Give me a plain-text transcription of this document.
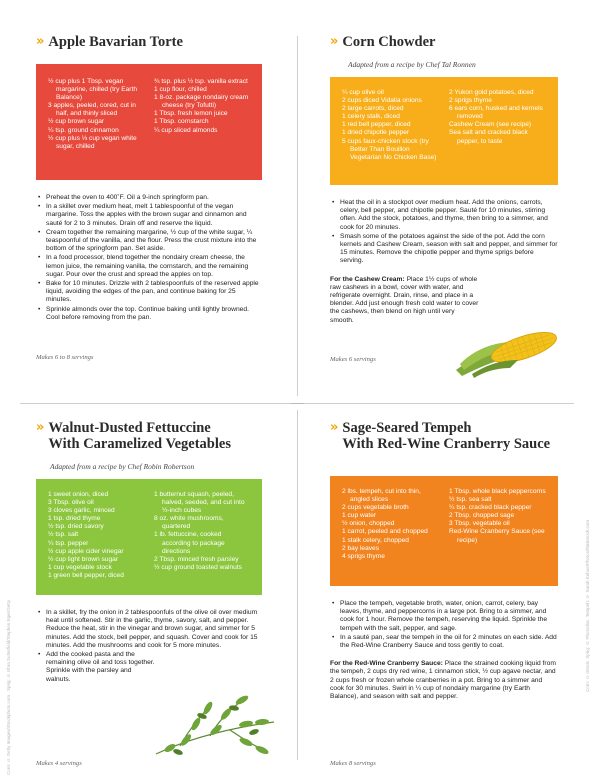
» Apple Bavarian Torte
½ cup plus 1 Tbsp. vegan margarine, chilled (try Earth Balance)
3 apples, peeled, cored, cut in half, and thinly sliced
½ cup brown sugar
¼ tsp. ground cinnamon
½ cup plus ⅓ cup vegan white sugar, chilled
¾ tsp. plus ½ tsp. vanilla extract
1 cup flour, chilled
1 8-oz. package nondairy cream cheese (try Tofutti)
1 Tbsp. fresh lemon juice
1 Tbsp. cornstarch
¼ cup sliced almonds
• Preheat the oven to 400˚F. Oil a 9-inch springform pan.
• In a skillet over medium heat, melt 1 tablespoonful of the vegan margarine. Toss the apples with the brown sugar and cinnamon and sauté for 2 to 3 minutes. Drain off and reserve the liquid.
• Cream together the remaining margarine, ½ cup of the white sugar, ¼ teaspoonful of the vanilla, and the flour. Press the crust mixture into the bottom of the springform pan. Set aside.
• In a food processor, blend together the nondairy cream cheese, the lemon juice, the remaining vanilla, the cornstarch, and the remaining sugar. Pour over the crust and spread the apples on top.
• Bake for 10 minutes. Drizzle with 2 tablespoonfuls of the reserved apple liquid, avoiding the edges of the pan, and continue baking for 25 minutes.
• Sprinkle almonds over the top. Continue baking until lightly browned. Cool before removing from the pan.
Makes 6 to 8 servings
» Corn Chowder
Adapted from a recipe by Chef Tal Ronnen
¼ cup olive oil
2 cups diced Vidalia onions
2 large carrots, diced
1 celery stalk, diced
1 red bell pepper, diced
1 dried chipotle pepper
5 cups faux-chicken stock (try Better Than Bouillon Vegetarian No Chicken Base)
2 Yukon gold potatoes, diced
2 sprigs thyme
6 ears corn, husked and kernels removed
Cashew Cream (see recipe)
Sea salt and cracked black pepper, to taste
• Heat the oil in a stockpot over medium heat. Add the onions, carrots, celery, bell pepper, and chipotle pepper. Sauté for 10 minutes, stirring often. Add the stock, potatoes, and thyme, then bring to a simmer, and cook for 20 minutes.
• Smash some of the potatoes against the side of the pot. Add the corn kernels and Cashew Cream, season with salt and pepper, and simmer for 15 minutes. Remove the chipotle pepper and thyme sprigs before serving.
For the Cashew Cream: Place 1½ cups of whole raw cashews in a bowl, cover with water, and refrigerate overnight. Drain, rinse, and place in a blender. Add just enough fresh cold water to cover the cashews, then blend on high until very smooth.
Makes 6 servings
» Walnut-Dusted Fettuccine
With Caramelized Vegetables
Adapted from a recipe by Chef Robin Robertson
1 sweet onion, diced
3 Tbsp. olive oil
3 cloves garlic, minced
1 tsp. dried thyme
½ tsp. dried savory
½ tsp. salt
¼ tsp. pepper
½ cup apple cider vinegar
½ cup light brown sugar
1 cup vegetable stock
1 green bell pepper, diced
1 butternut squash, peeled, halved, seeded, and cut into ½-inch cubes
8 oz. white mushrooms, quartered
1 lb. fettuccine, cooked according to package directions
2 Tbsp. minced fresh parsley
½ cup ground toasted walnuts
• In a skillet, fry the onion in 2 tablespoonfuls of the olive oil over medium heat until softened. Stir in the garlic, thyme, savory, salt, and pepper. Reduce the heat, stir in the vinegar and brown sugar, and simmer for 5 minutes. Add the stock, bell pepper, and squash. Cover and cook for 15 minutes. Add the mushrooms and cook for 5 more minutes.
• Add the cooked pasta and the remaining olive oil and toss together. Sprinkle with the parsley and walnuts.
Makes 4 servings
» Sage-Seared Tempeh
With Red-Wine Cranberry Sauce
2 lbs. tempeh, cut into thin, angled slices
2 cups vegetable broth
1 cup water
½ onion, chopped
1 carrot, peeled and chopped
1 stalk celery, chopped
2 bay leaves
4 sprigs thyme
1 Tbsp. whole black peppercorns
½ tsp. sea salt
¼ tsp. cracked black pepper
2 Tbsp. chopped sage
3 Tbsp. vegetable oil
Red-Wine Cranberry Sauce (see recipe)
• Place the tempeh, vegetable broth, water, onion, carrot, celery, bay leaves, thyme, and peppercorns in a large pot. Bring to a simmer, and cook for 1 hour. Remove the tempeh, reserving the liquid. Sprinkle the tempeh with the salt, pepper, and sage.
• In a sauté pan, sear the tempeh in the oil for 2 minutes on each side. Add the Red-Wine Cranberry Sauce and toss gently to coat.
For the Red-Wine Cranberry Sauce: Place the strained cooking liquid from the tempeh, 2 cups dry red wine, 1 cinnamon stick, ½ cup agave nectar, and 2 cups fresh or frozen whole cranberries in a pot. Bring to a simmer and cook for 30 minutes. Swirl in ¼ cup of nondairy margarine (try Earth Balance), and season with salt and pepper.
Makes 8 servings
Corn: © iStock. Sprig: © Photodisc. Tempeh: © Sarah Kehoe/Photos/thinkstock.com
Corn: © Getty Images/iStockphoto.com · Sprig: © Ehra Sutterfield/Stephen Eger/Getty
